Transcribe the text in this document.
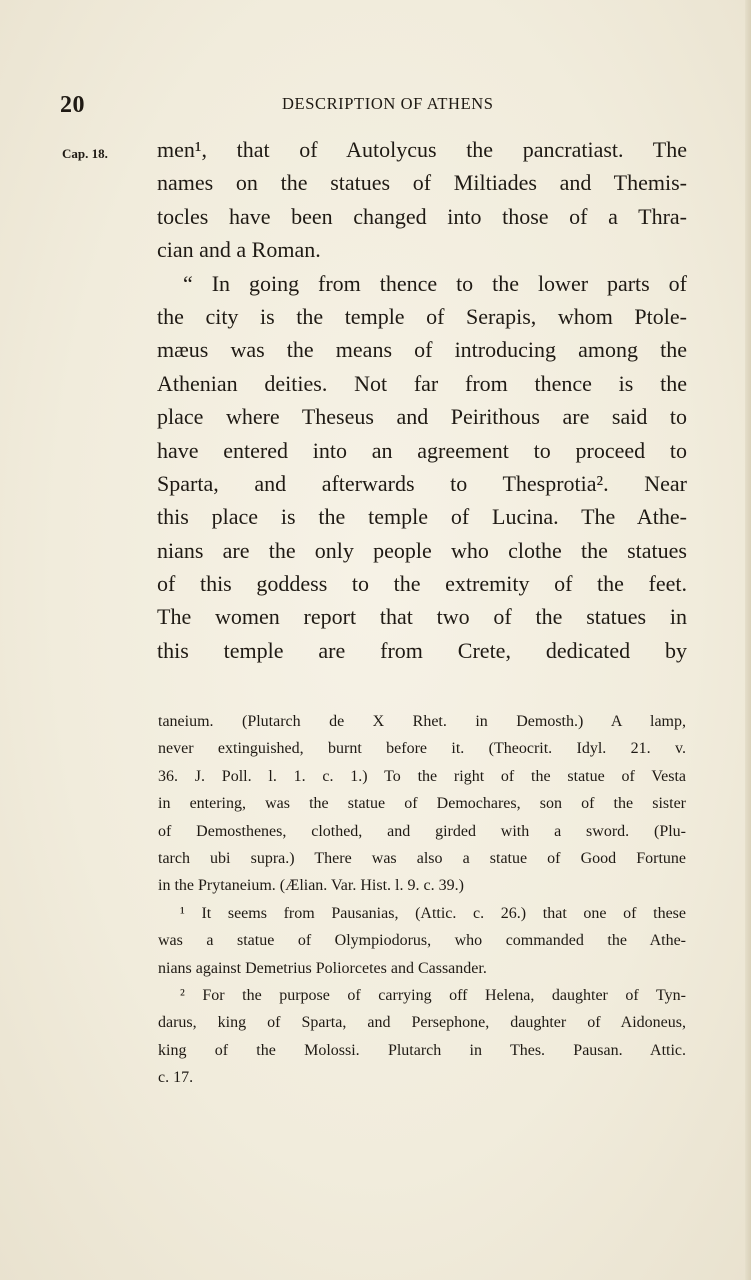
20	DESCRIPTION OF ATHENS
Cap. 18. men¹, that of Autolycus the pancratiast. The
names on the statues of Miltiades and Themis-
tocles have been changed into those of a Thra-
cian and a Roman.
“ In going from thence to the lower parts of
the city is the temple of Serapis, whom Ptole-
mæus was the means of introducing among the
Athenian deities. Not far from thence is the
place where Theseus and Peirithous are said to
have entered into an agreement to proceed to
Sparta, and afterwards to Thesprotia². Near
this place is the temple of Lucina. The Athe-
nians are the only people who clothe the statues
of this goddess to the extremity of the feet.
The women report that two of the statues in
this temple are from Crete, dedicated by
taneium. (Plutarch de X Rhet. in Demosth.) A lamp,
never extinguished, burnt before it. (Theocrit. Idyl. 21. v.
36. J. Poll. l. 1. c. 1.) To the right of the statue of Vesta
in entering, was the statue of Demochares, son of the sister
of Demosthenes, clothed, and girded with a sword. (Plu-
tarch ubi supra.) There was also a statue of Good Fortune
in the Prytaneium. (Ælian. Var. Hist. l. 9. c. 39.)
¹ It seems from Pausanias, (Attic. c. 26.) that one of these
was a statue of Olympiodorus, who commanded the Athe-
nians against Demetrius Poliorcetes and Cassander.
² For the purpose of carrying off Helena, daughter of Tyn-
darus, king of Sparta, and Persephone, daughter of Aidoneus,
king of the Molossi. Plutarch in Thes. Pausan. Attic.
c. 17.
